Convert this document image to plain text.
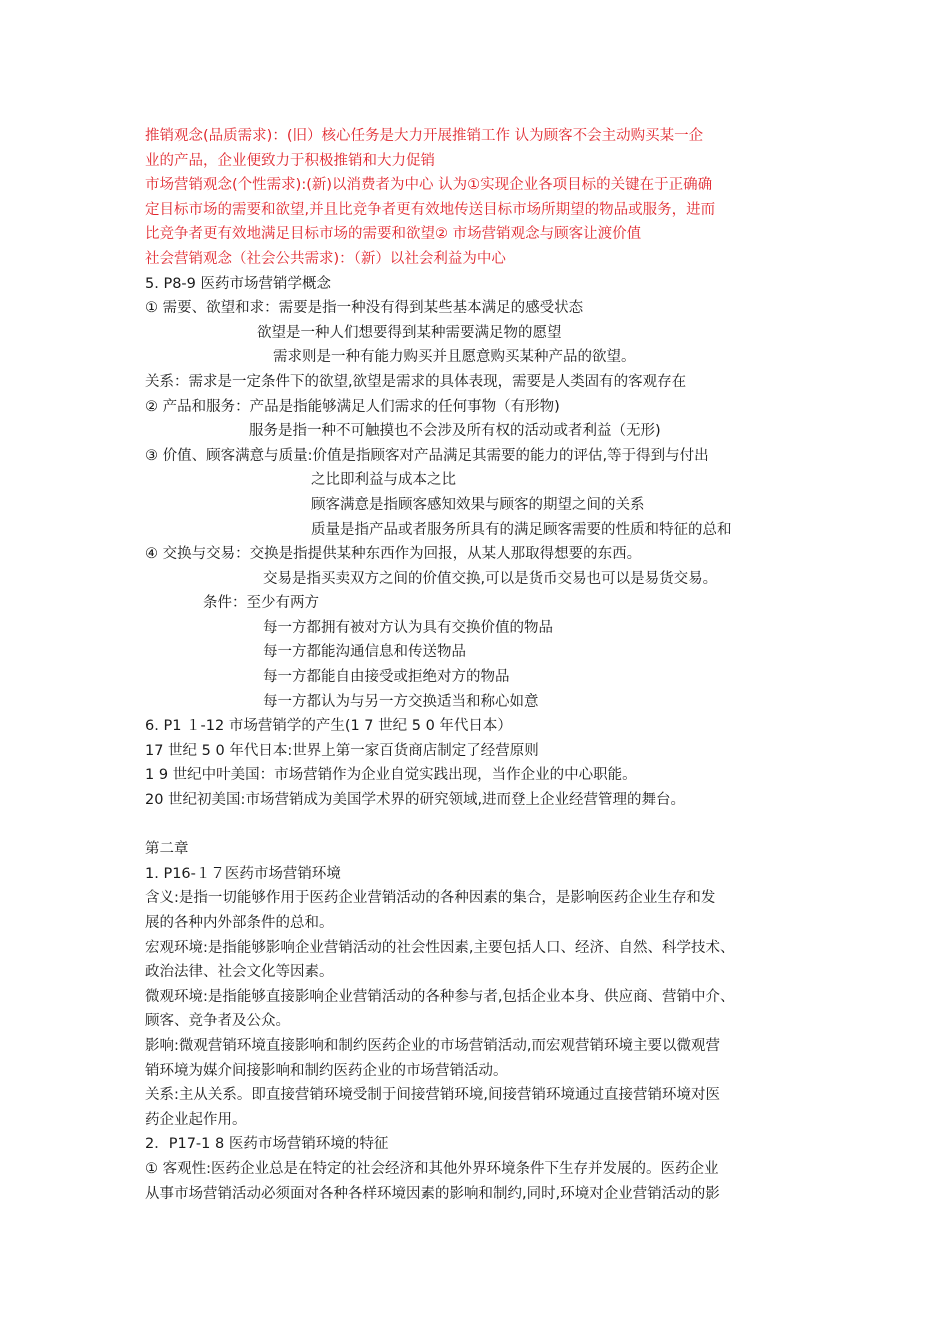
推销观念(品质需求)：(旧）核心任务是大力开展推销工作 认为顾客不会主动购买某一企
业的产品，企业便致力于积极推销和大力促销
市场营销观念(个性需求):(新)以消费者为中心 认为①实现企业各项目标的关键在于正确确
定目标市场的需要和欲望,并且比竞争者更有效地传送目标市场所期望的物品或服务，进而
比竞争者更有效地满足目标市场的需要和欲望② 市场营销观念与顾客让渡价值
社会营销观念（社会公共需求)：（新）以社会利益为中心
5. P8-9 医药市场营销学概念
① 需要、欲望和求：需要是指一种没有得到某些基本满足的感受状态
欲望是一种人们想要得到某种需要满足物的愿望
需求则是一种有能力购买并且愿意购买某种产品的欲望。
关系：需求是一定条件下的欲望,欲望是需求的具体表现，需要是人类固有的客观存在
② 产品和服务：产品是指能够满足人们需求的任何事物（有形物)
服务是指一种不可触摸也不会涉及所有权的活动或者利益（无形)
③ 价值、顾客满意与质量:价值是指顾客对产品满足其需要的能力的评估,等于得到与付出
之比即利益与成本之比
顾客满意是指顾客感知效果与顾客的期望之间的关系
质量是指产品或者服务所具有的满足顾客需要的性质和特征的总和
④ 交换与交易：交换是指提供某种东西作为回报，从某人那取得想要的东西。
交易是指买卖双方之间的价值交换,可以是货币交易也可以是易货交易。
条件：至少有两方
每一方都拥有被对方认为具有交换价值的物品
每一方都能沟通信息和传送物品
每一方都能自由接受或拒绝对方的物品
每一方都认为与另一方交换适当和称心如意
6. P1 １-12 市场营销学的产生(1 7 世纪 5 0 年代日本）
17 世纪 5 0 年代日本:世界上第一家百货商店制定了经营原则
1 9 世纪中叶美国：市场营销作为企业自觉实践出现，当作企业的中心职能。
20 世纪初美国:市场营销成为美国学术界的研究领域,进而登上企业经营管理的舞台。
第二章
1. P16-１７医药市场营销环境
含义:是指一切能够作用于医药企业营销活动的各种因素的集合，是影响医药企业生存和发
展的各种内外部条件的总和。
宏观环境:是指能够影响企业营销活动的社会性因素,主要包括人口、经济、自然、科学技术、
政治法律、社会文化等因素。
微观环境:是指能够直接影响企业营销活动的各种参与者,包括企业本身、供应商、营销中介、
顾客、竞争者及公众。
影响:微观营销环境直接影响和制约医药企业的市场营销活动,而宏观营销环境主要以微观营
销环境为媒介间接影响和制约医药企业的市场营销活动。
关系:主从关系。即直接营销环境受制于间接营销环境,间接营销环境通过直接营销环境对医
药企业起作用。
2．P17-1 8 医药市场营销环境的特征
① 客观性:医药企业总是在特定的社会经济和其他外界环境条件下生存并发展的。医药企业
从事市场营销活动必须面对各种各样环境因素的影响和制约,同时,环境对企业营销活动的影
